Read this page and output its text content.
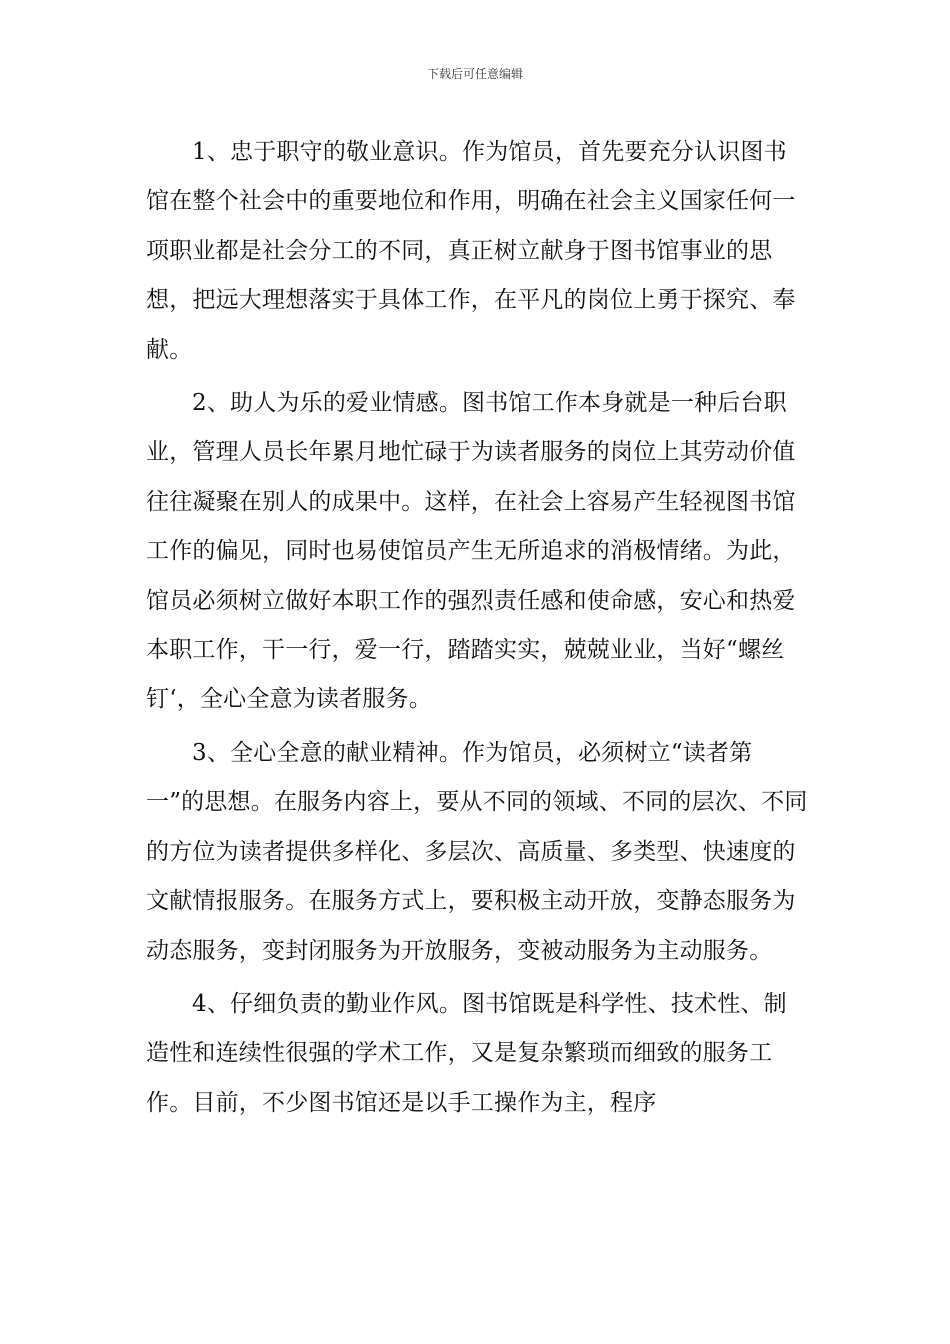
下载后可任意编辑

1、忠于职守的敬业意识。作为馆员，首先要充分认识图书馆在整个社会中的重要地位和作用，明确在社会主义国家任何一项职业都是社会分工的不同，真正树立献身于图书馆事业的思想，把远大理想落实于具体工作，在平凡的岗位上勇于探究、奉献。

2、助人为乐的爱业情感。图书馆工作本身就是一种后台职业，管理人员长年累月地忙碌于为读者服务的岗位上其劳动价值往往凝聚在别人的成果中。这样，在社会上容易产生轻视图书馆工作的偏见，同时也易使馆员产生无所追求的消极情绪。为此，馆员必须树立做好本职工作的强烈责任感和使命感，安心和热爱本职工作，干一行，爱一行，踏踏实实，兢兢业业，当好“螺丝钉‘，全心全意为读者服务。

3、全心全意的献业精神。作为馆员，必须树立“读者第一”的思想。在服务内容上，要从不同的领域、不同的层次、不同的方位为读者提供多样化、多层次、高质量、多类型、快速度的文献情报服务。在服务方式上，要积极主动开放，变静态服务为动态服务，变封闭服务为开放服务，变被动服务为主动服务。

4、仔细负责的勤业作风。图书馆既是科学性、技术性、制造性和连续性很强的学术工作，又是复杂繁琐而细致的服务工作。目前，不少图书馆还是以手工操作为主，程序
